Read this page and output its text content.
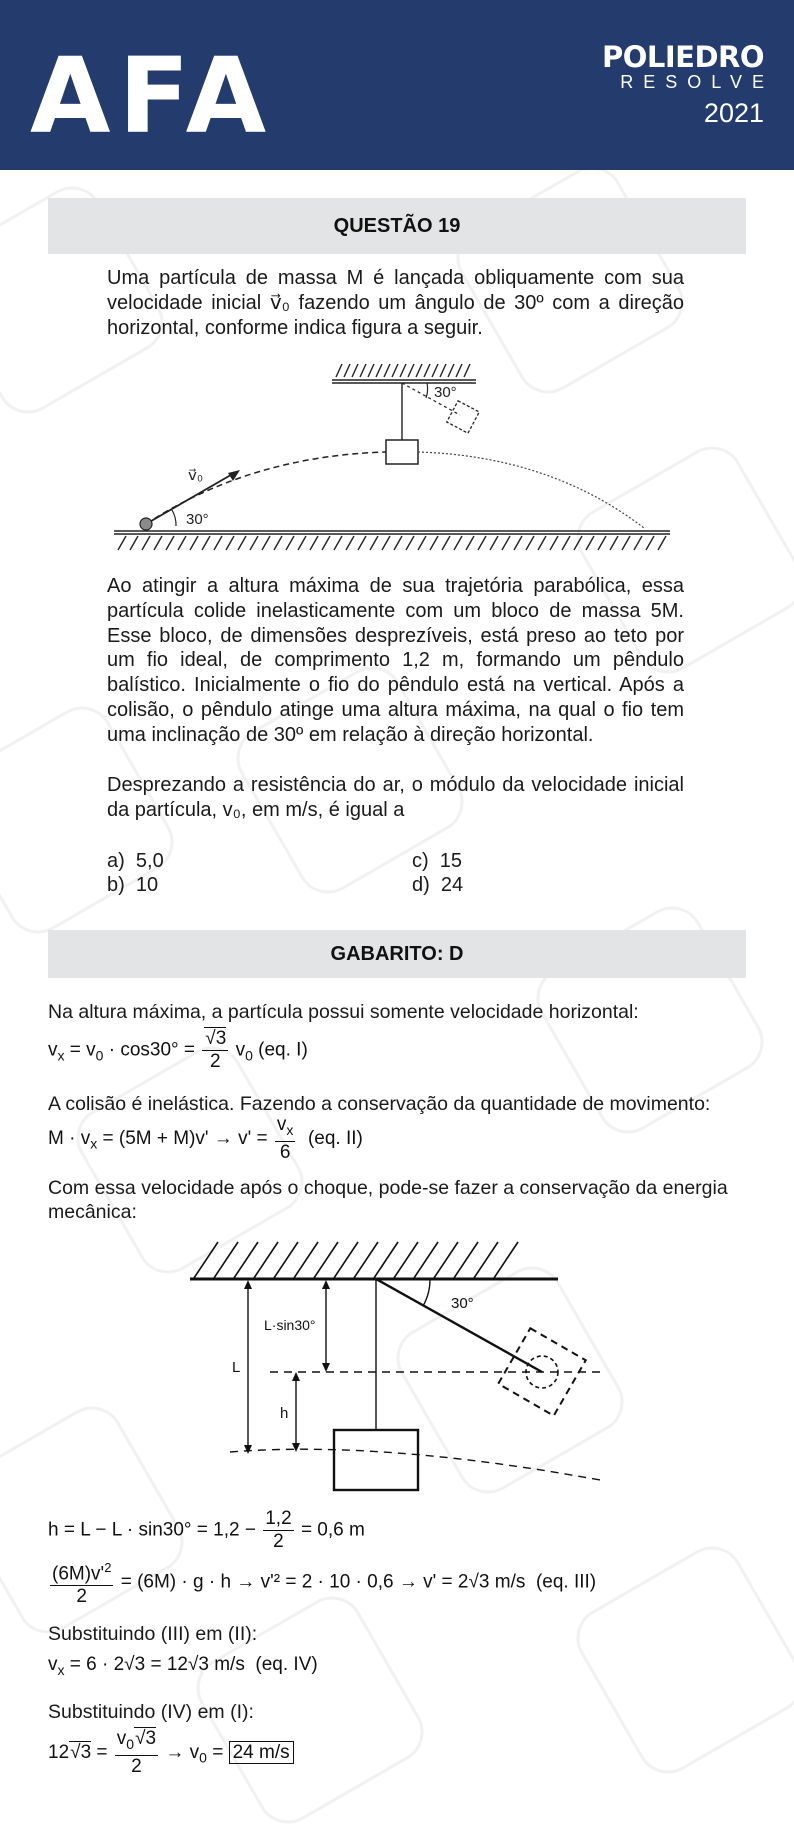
AFA	POLIEDRO
RESOLVE
2021
QUESTÃO 19
Uma partícula de massa M é lançada obliquamente com sua velocidade inicial v⃗₀ fazendo um ângulo de 30º com a direção horizontal, conforme indica figura a seguir.
30°
v⃗₀
30°
Ao atingir a altura máxima de sua trajetória parabólica, essa partícula colide inelasticamente com um bloco de massa 5M. Esse bloco, de dimensões desprezíveis, está preso ao teto por um fio ideal, de comprimento 1,2 m, formando um pêndulo balístico. Inicialmente o fio do pêndulo está na vertical. Após a colisão, o pêndulo atinge uma altura máxima, na qual o fio tem uma inclinação de 30º em relação à direção horizontal.
Desprezando a resistência do ar, o módulo da velocidade inicial da partícula, v₀, em m/s, é igual a
a) 5,0
b) 10
c) 15
d) 24
GABARITO: D
Na altura máxima, a partícula possui somente velocidade horizontal:
$v_x = v_0 \cdot \cos 30^\circ = \frac{√3}{2} v_0$ (eq. I)
A colisão é inelástica. Fazendo a conservação da quantidade de movimento:
$M \cdot v_x = (5M + M)v' \to v' = \frac{v_x}{6} (eq$. II)
Com essa velocidade após o choque, pode-se fazer a conservação da energia mecânica:
30°
L
L·sin30°
h
$h = L - L \cdot \sin 30^\circ = 1,2 - \frac{1,2}{2} = 0,6$ m
$\frac{(6M)v'^2}{2} = (6M) \cdot g \cdot h \to v'^2 = 2 \cdot 10 \cdot 0,6 \to v' = 2√3$ m/s (eq. III)
Substituindo (III) em (II):
$v_x = 6 \cdot 2√3 = 12√3$ m/s (eq. IV)
Substituindo (IV) em (I):
$12√3 = \frac{v_0√3}{2} \to v_0 = 24$ m/s
